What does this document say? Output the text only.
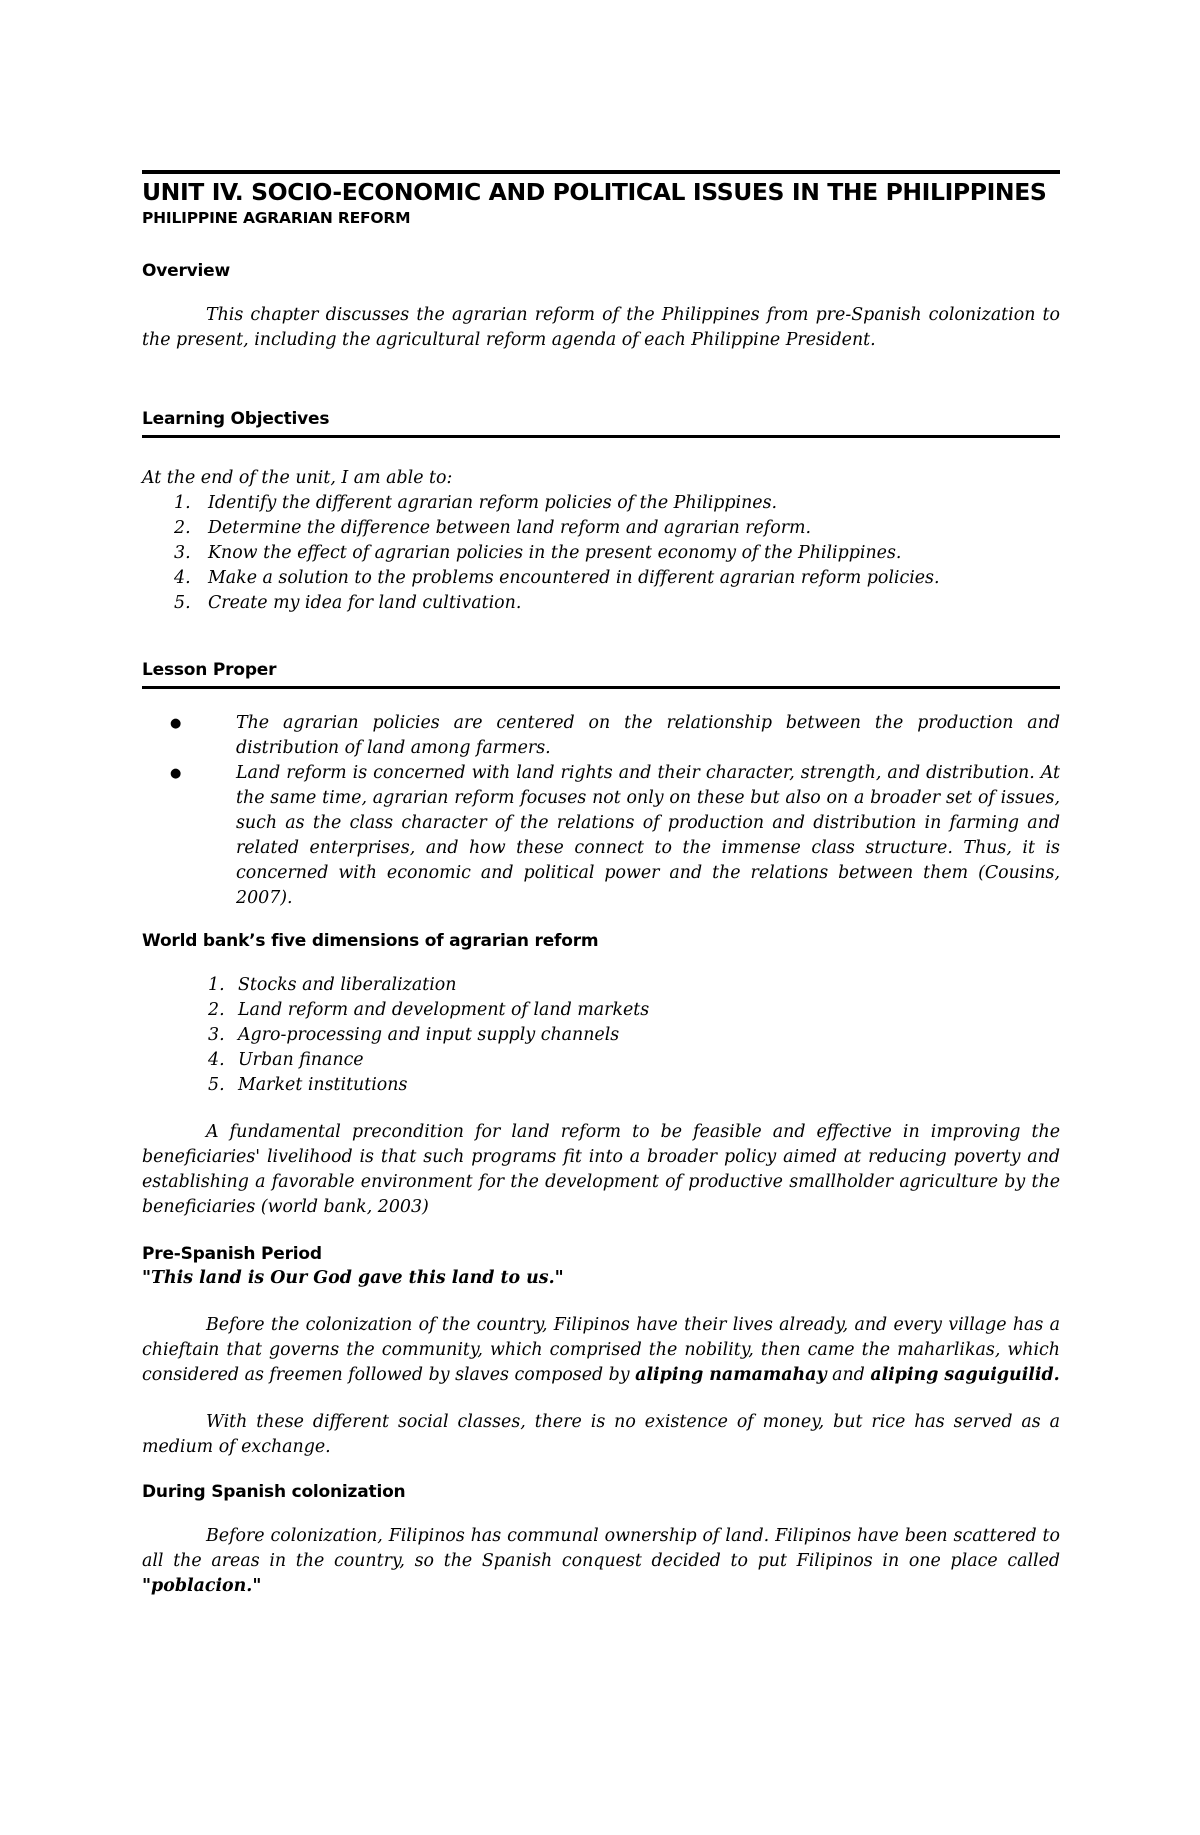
UNIT IV. SOCIO-ECONOMIC AND POLITICAL ISSUES IN THE PHILIPPINES
PHILIPPINE AGRARIAN REFORM
Overview

This chapter discusses the agrarian reform of the Philippines from pre-Spanish colonization to the present, including the agricultural reform agenda of each Philippine President.

Learning Objectives

At the end of the unit, I am able to:

1.	Identify the different agrarian reform policies of the Philippines.
2.	Determine the difference between land reform and agrarian reform.
3.	Know the effect of agrarian policies in the present economy of the Philippines.
4.	Make a solution to the problems encountered in different agrarian reform policies.
5.	Create my idea for land cultivation.
Lesson Proper
●	The agrarian policies are centered on the relationship between the production and distribution of land among farmers.
●	Land reform is concerned with land rights and their character, strength, and distribution. At the same time, agrarian reform focuses not only on these but also on a broader set of issues, such as the class character of the relations of production and distribution in farming and related enterprises, and how these connect to the immense class structure. Thus, it is concerned with economic and political power and the relations between them (Cousins, 2007).
World bank’s five dimensions of agrarian reform
1. Stocks and liberalization
2. Land reform and development of land markets
3. Agro-processing and input supply channels
4. Urban finance
5. Market institutions

A fundamental precondition for land reform to be feasible and effective in improving the beneficiaries' livelihood is that such programs fit into a broader policy aimed at reducing poverty and establishing a favorable environment for the development of productive smallholder agriculture by the beneficiaries (world bank, 2003)

Pre-Spanish Period

"This land is Our God gave this land to us."

Before the colonization of the country, Filipinos have their lives already, and every village has a chieftain that governs the community, which comprised the nobility, then came the maharlikas, which considered as freemen followed by slaves composed by aliping namamahay and aliping saguiguilid.

With these different social classes, there is no existence of money, but rice has served as a medium of exchange.

During Spanish colonization

Before colonization, Filipinos has communal ownership of land. Filipinos have been scattered to all the areas in the country, so the Spanish conquest decided to put Filipinos in one place called "poblacion."
